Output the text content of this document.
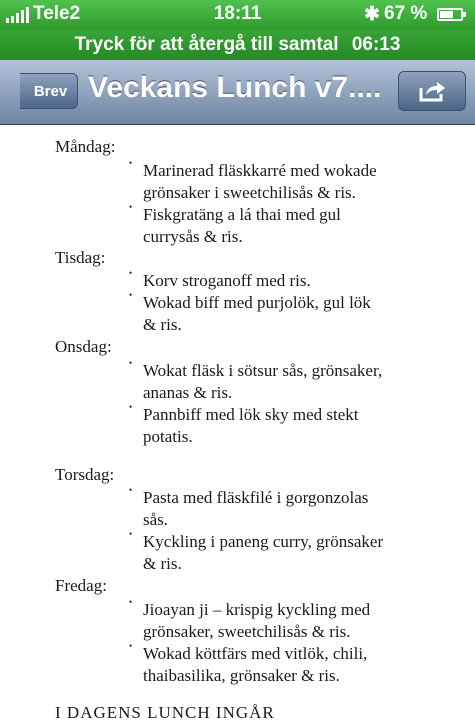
Tele2	18:11	✱ 67 %
Tryck för att återgå till samtal 06:13
Brev Veckans Lunch v7....
Måndag:
• Marinerad fläskkarré med wokade
grönsaker i sweetchilisås & ris.
• Fiskgratäng a lá thai med gul
currysås & ris.
Tisdag:
• Korv stroganoff med ris.
• Wokad biff med purjolök, gul lök
& ris.
Onsdag:
• Wokat fläsk i sötsur sås, grönsaker,
ananas & ris.
• Pannbiff med lök sky med stekt
potatis.
Torsdag:
• Pasta med fläskfilé i gorgonzolas
sås.
• Kyckling i paneng curry, grönsaker
& ris.
Fredag:
• Jioayan ji – krispig kyckling med
grönsaker, sweetchilisås & ris.
• Wokad köttfärs med vitlök, chili,
thaibasilika, grönsaker & ris.
I DAGENS LUNCH INGÅR
